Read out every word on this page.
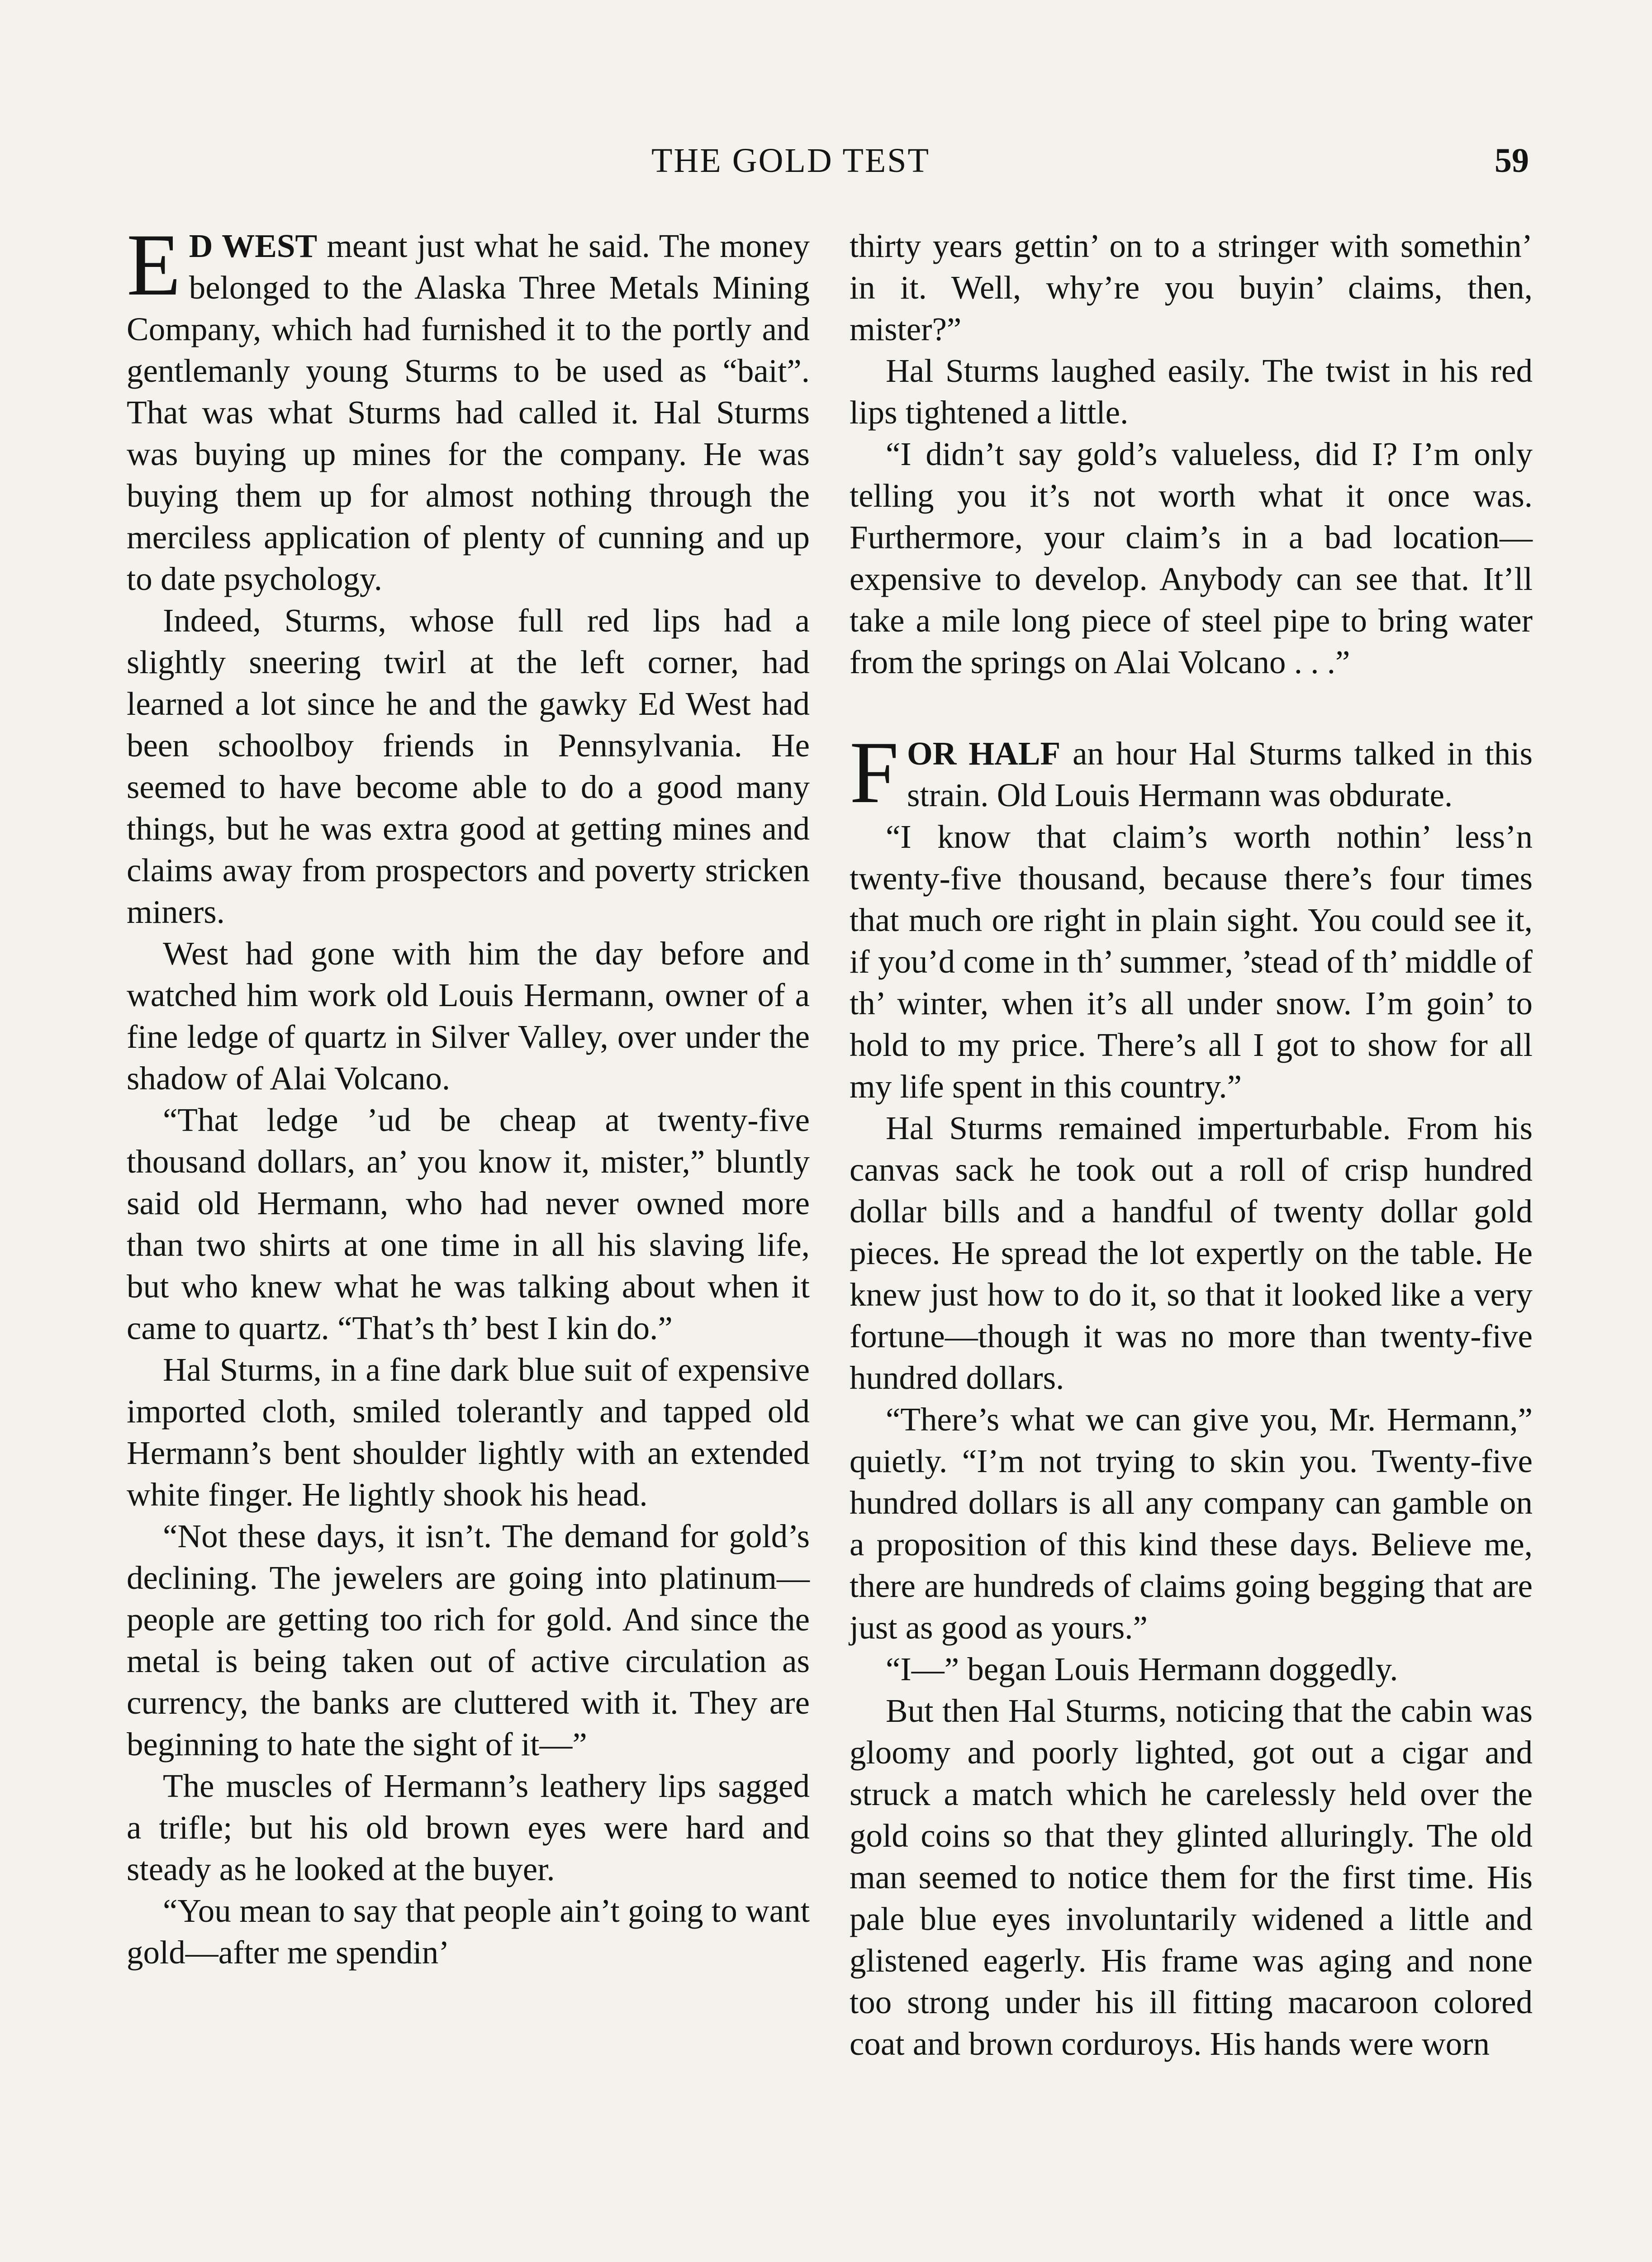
THE GOLD TEST	59

E D WEST meant just what he said. The money belonged to the Alaska Three Metals Mining Company, which had furnished it to the portly and gentlemanly young Sturms to be used as “bait”. That was what Sturms had called it. Hal Sturms was buying up mines for the company. He was buying them up for almost nothing through the merciless application of plenty of cunning and up to date psychology.

Indeed, Sturms, whose full red lips had a slightly sneering twirl at the left corner, had learned a lot since he and the gawky Ed West had been schoolboy friends in Pennsylvania. He seemed to have become able to do a good many things, but he was extra good at getting mines and claims away from prospectors and poverty stricken miners.

West had gone with him the day before and watched him work old Louis Hermann, owner of a fine ledge of quartz in Silver Valley, over under the shadow of Alai Volcano.

“That ledge ’ud be cheap at twenty-five thousand dollars, an’ you know it, mister,” bluntly said old Hermann, who had never owned more than two shirts at one time in all his slaving life, but who knew what he was talking about when it came to quartz. “That’s th’ best I kin do.”

Hal Sturms, in a fine dark blue suit of expensive imported cloth, smiled tolerantly and tapped old Hermann’s bent shoulder lightly with an extended white finger. He lightly shook his head.

“Not these days, it isn’t. The demand for gold’s declining. The jewelers are going into platinum—people are getting too rich for gold. And since the metal is being taken out of active circulation as currency, the banks are cluttered with it. They are beginning to hate the sight of it—”

The muscles of Hermann’s leathery lips sagged a trifle; but his old brown eyes were hard and steady as he looked at the buyer.

“You mean to say that people ain’t going to want gold—after me spendin’

thirty years gettin’ on to a stringer with somethin’ in it. Well, why’re you buyin’ claims, then, mister?”

Hal Sturms laughed easily. The twist in his red lips tightened a little.

“I didn’t say gold’s valueless, did I? I’m only telling you it’s not worth what it once was. Furthermore, your claim’s in a bad location—expensive to develop. Anybody can see that. It’ll take a mile long piece of steel pipe to bring water from the springs on Alai Volcano . . .”

FOR HALF an hour Hal Sturms talked in this strain. Old Louis Hermann was obdurate.

“I know that claim’s worth nothin’ less’n twenty-five thousand, because there’s four times that much ore right in plain sight. You could see it, if you’d come in th’ summer, ’stead of th’ middle of th’ winter, when it’s all under snow. I’m goin’ to hold to my price. There’s all I got to show for all my life spent in this country.”

Hal Sturms remained imperturbable. From his canvas sack he took out a roll of crisp hundred dollar bills and a handful of twenty dollar gold pieces. He spread the lot expertly on the table. He knew just how to do it, so that it looked like a very fortune—though it was no more than twenty-five hundred dollars.

“There’s what we can give you, Mr. Hermann,” quietly. “I’m not trying to skin you. Twenty-five hundred dollars is all any company can gamble on a proposition of this kind these days. Believe me, there are hundreds of claims going begging that are just as good as yours.”

“I—” began Louis Hermann doggedly.

But then Hal Sturms, noticing that the cabin was gloomy and poorly lighted, got out a cigar and struck a match which he carelessly held over the gold coins so that they glinted alluringly. The old man seemed to notice them for the first time. His pale blue eyes involuntarily widened a little and glistened eagerly. His frame was aging and none too strong under his ill fitting macaroon colored coat and brown corduroys. His hands were worn
